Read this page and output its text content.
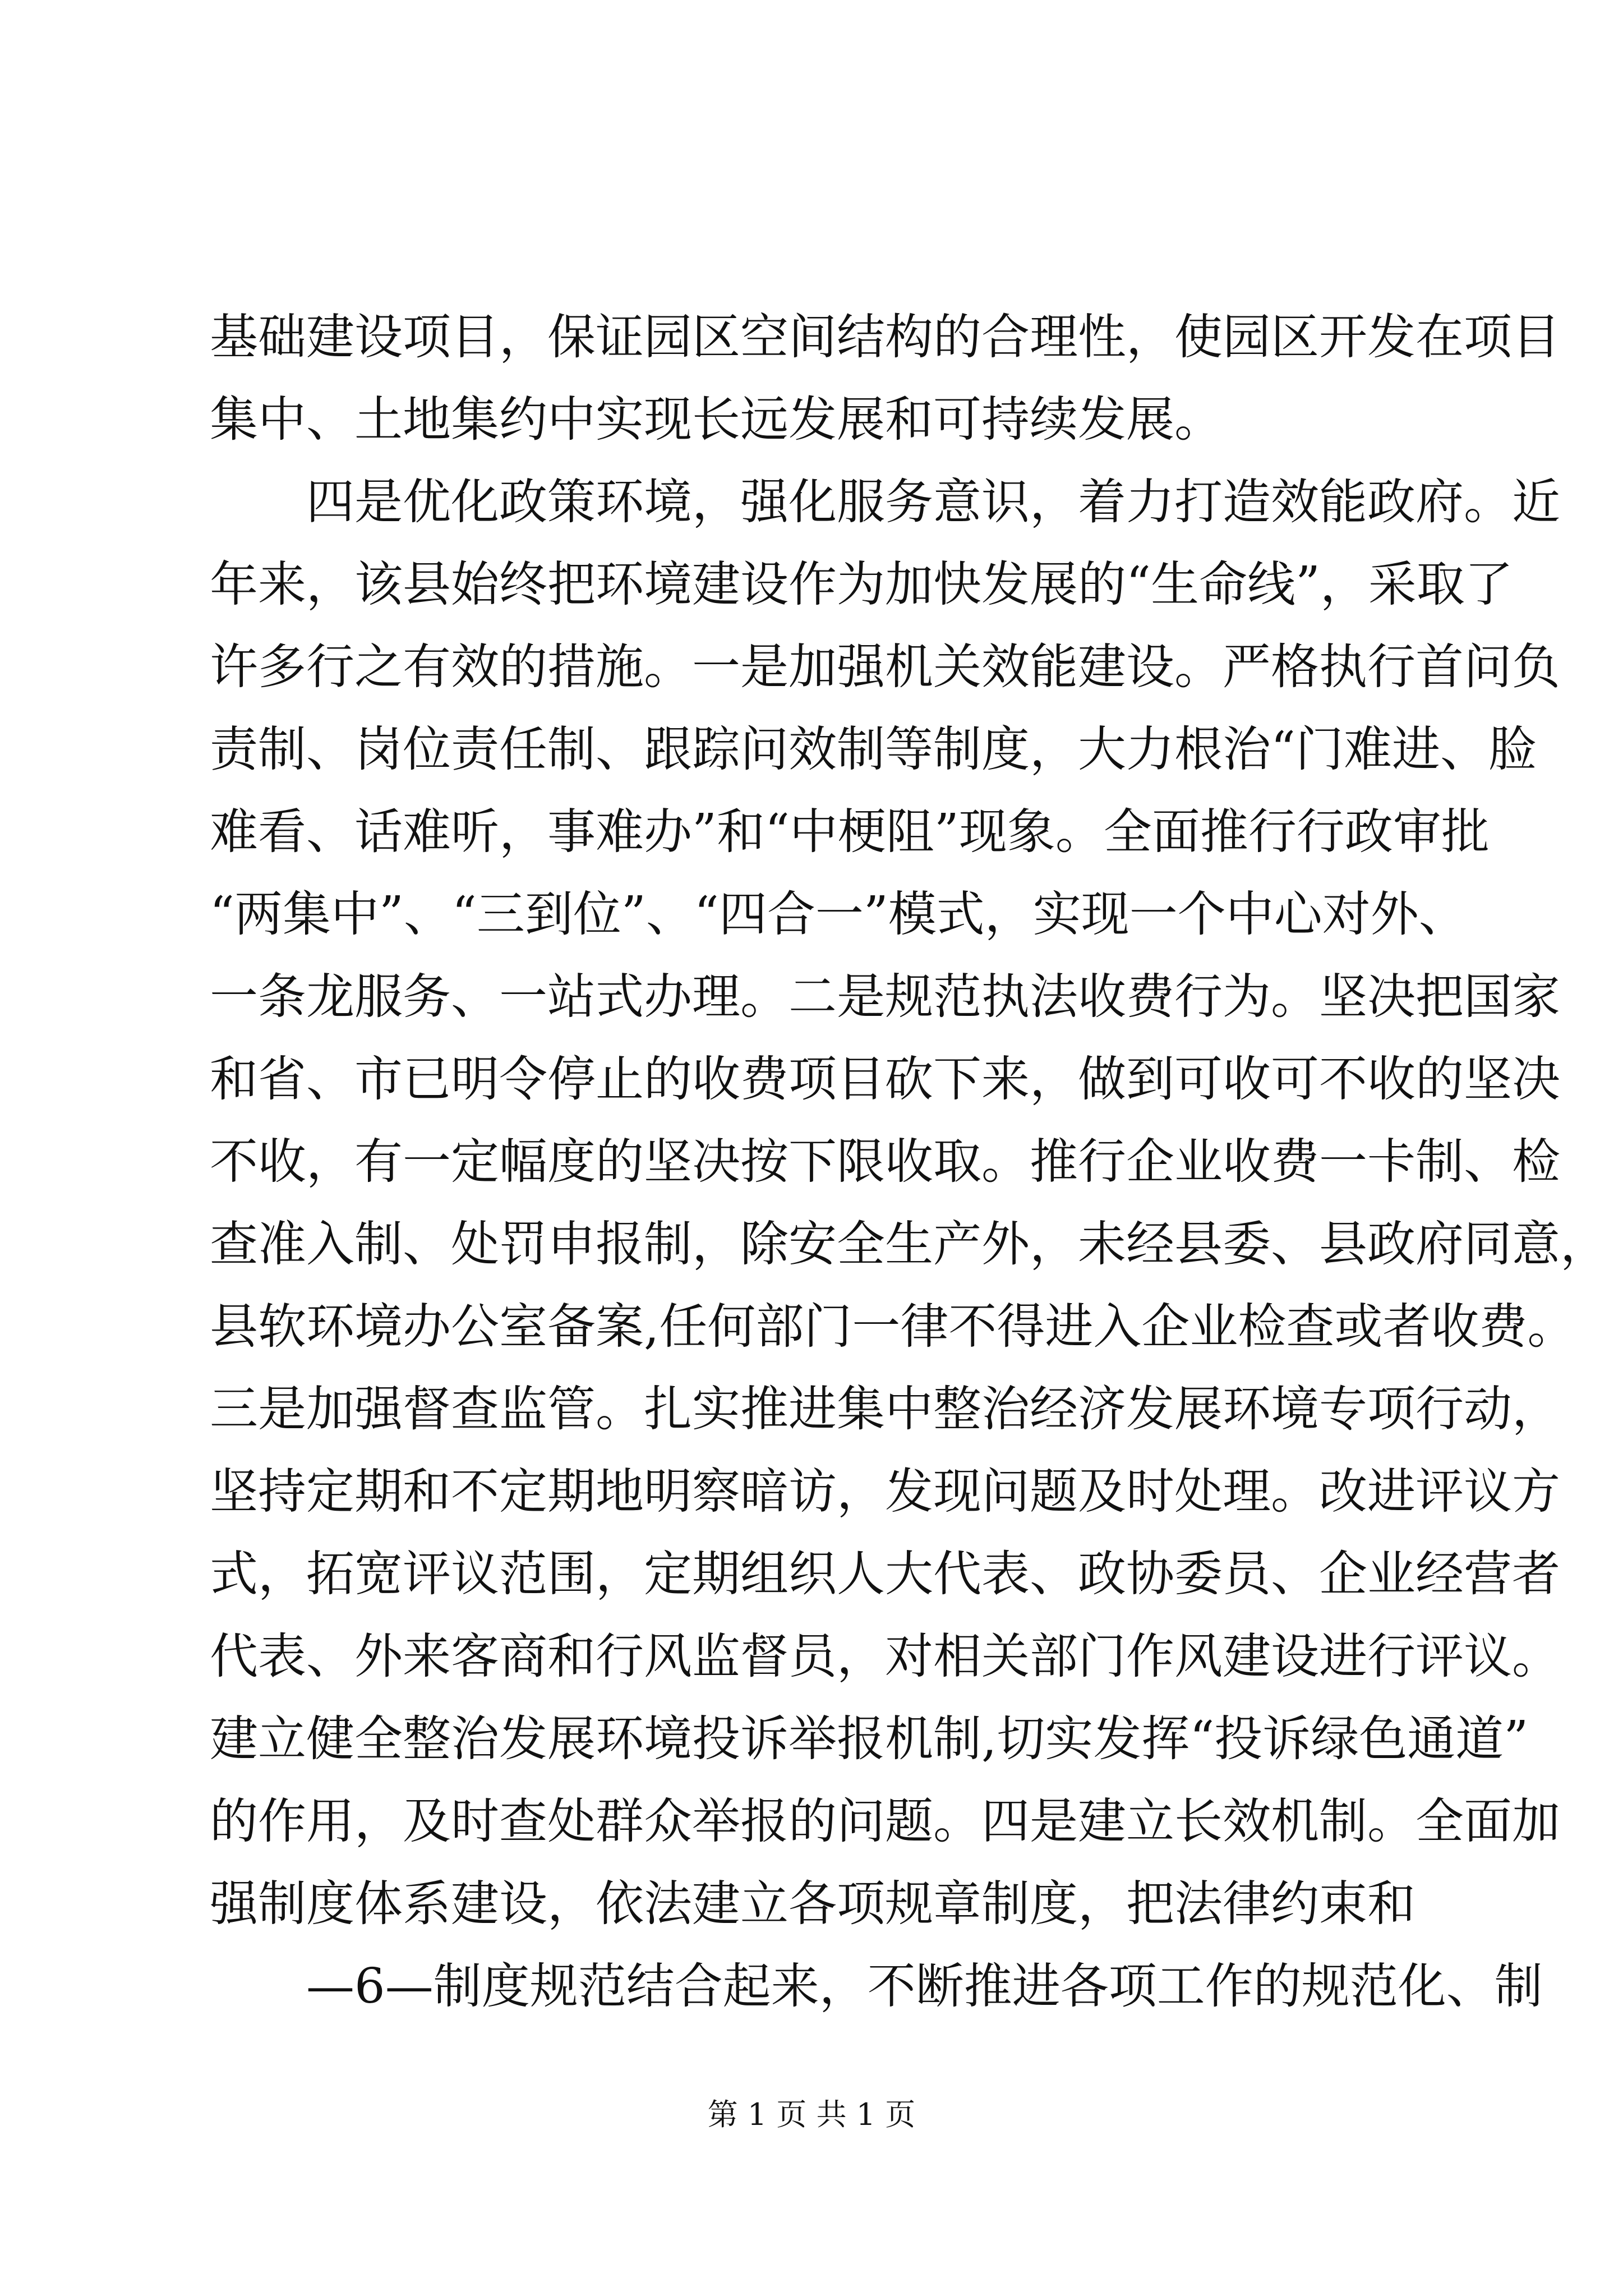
基础建设项目，保证园区空间结构的合理性，使园区开发在项目
集中、土地集约中实现长远发展和可持续发展。
四是优化政策环境，强化服务意识，着力打造效能政府。近
年来，该县始终把环境建设作为加快发展的“生命线”，采取了
许多行之有效的措施。一是加强机关效能建设。严格执行首问负
责制、岗位责任制、跟踪问效制等制度，大力根治“门难进、脸
难看、话难听，事难办”和“中梗阻”现象。全面推行行政审批
“两集中”、“三到位”、“四合一”模式，实现一个中心对外、
一条龙服务、一站式办理。二是规范执法收费行为。坚决把国家
和省、市已明令停止的收费项目砍下来，做到可收可不收的坚决
不收，有一定幅度的坚决按下限收取。推行企业收费一卡制、检
查准入制、处罚申报制，除安全生产外，未经县委、县政府同意，
县软环境办公室备案,任何部门一律不得进入企业检查或者收费。
三是加强督查监管。扎实推进集中整治经济发展环境专项行动，
坚持定期和不定期地明察暗访，发现问题及时处理。改进评议方
式，拓宽评议范围，定期组织人大代表、政协委员、企业经营者
代表、外来客商和行风监督员，对相关部门作风建设进行评议。
建立健全整治发展环境投诉举报机制,切实发挥“投诉绿色通道”
的作用，及时查处群众举报的问题。四是建立长效机制。全面加
强制度体系建设，依法建立各项规章制度，把法律约束和
—6—制度规范结合起来，不断推进各项工作的规范化、制
第 1 页 共 1 页
